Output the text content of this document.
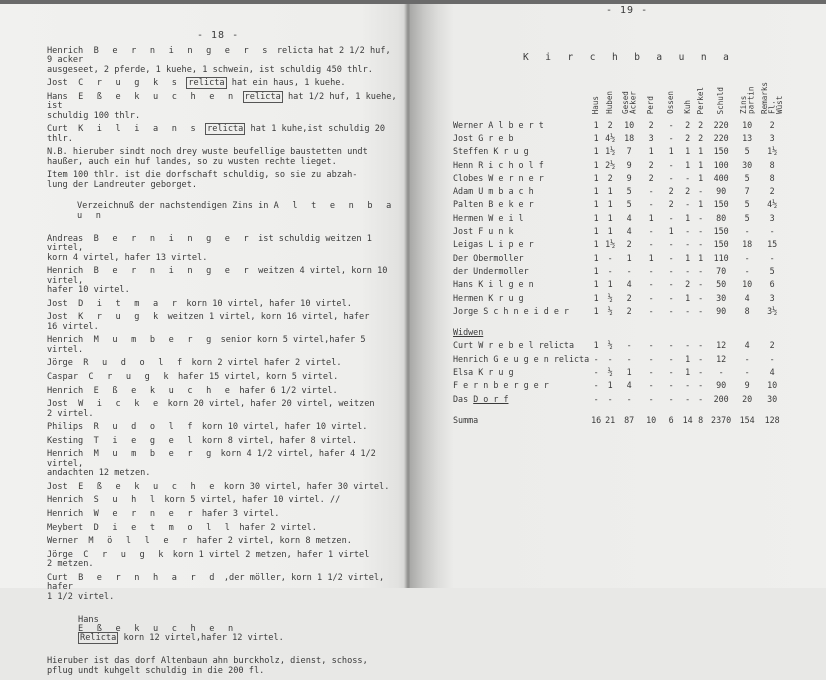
- 18 -

Henrich B e r n i n g e r s relicta hat 2 1/2 huf, 9 acker
ausgeseet, 2 pferde, 1 kuehe, 1 schwein, ist schuldig 450 thlr.

Jost C r u g k s relicta hat ein haus, 1 kuehe.

Hans E ß e k u c h e n relicta hat 1/2 huf, 1 kuehe, ist
schuldig 100 thlr.

Curt K i l i a n s relicta hat 1 kuhe,ist schuldig 20 thlr.

N.B. hieruber sindt noch drey wuste beufellige baustetten undt
haußer, auch ein huf landes, so zu wusten rechte lieget.

Item 100 thlr. ist die dorfschaft schuldig, so sie zu abzah-
lung der Landreuter geborget.

Verzeichnuß der nachstendigen Zins in A l t e n b a u n

Andreas B e r n i n g e r ist schuldig weitzen 1 virtel,
korn 4 virtel, hafer 13 virtel.

Henrich B e r n i n g e r weitzen 4 virtel, korn 10 virtel,
hafer 10 virtel.

Jost D i t m a r korn 10 virtel, hafer 10 virtel.

Jost K r u g k weitzen 1 virtel, korn 16 virtel, hafer
16 virtel.

Henrich M u m b e r g senior korn 5 virtel,hafer 5 virtel.

Jörge R u d o l f korn 2 virtel hafer 2 virtel.

Caspar C r u g k hafer 15 virtel, korn 5 virtel.

Henrich E ß e k u c h e hafer 6 1/2 virtel.

Jost W i c k e korn 20 virtel, hafer 20 virtel, weitzen
2 virtel.

Philips R u d o l f korn 10 virtel, hafer 10 virtel.

Kesting T i e g e l korn 8 virtel, hafer 8 virtel.

Henrich M u m b e r g korn 4 1/2 virtel, hafer 4 1/2 virtel,
andachten 12 metzen.

Jost E ß e k u c h e korn 30 virtel, hafer 30 virtel.

Henrich S u h l korn 5 virtel, hafer 10 virtel. //

Henrich W e r n e r hafer 3 virtel.

Meybert D i e t m o l l hafer 2 virtel.

Werner M ö l l e r hafer 2 virtel, korn 8 metzen.

Jörge C r u g k korn 1 virtel 2 metzen, hafer 1 virtel
2 metzen.

Curt B e r n h a r d ,der möller, korn 1 1/2 virtel, hafer
1 1/2 virtel.

Hans
E ß e k u c h e n
Relicta korn 12 virtel,hafer 12 virtel.

Hieruber ist das dorf Altenbaun ahn burckholz, dienst, schoss,
pflug undt kuhgelt schuldig in die 200 fl.

- 19 -
K i r c h b a u n a
	Haus	Huben	Gesed Acker	Perd	Ossen	Kuh	Perkel	Schuld	Zins partin	Remarks Fl. Wüst
Werner A l b e r t	1	2	10	2	-	2	2	220	10	2
Jost G r e b	1	4½	18	3	-	2	2	220	13	3
Steffen K r u g	1	1½	7	1	1	1	1	150	5	1½
Henn R i c h o l f	1	2½	9	2	-	1	1	100	30	8
Clobes W e r n e r	1	2	9	2	-	-	1	400	5	8
Adam U m b a c h	1	1	5	-	2	2	-	90	7	2
Palten B e k e r	1	1	5	-	2	-	1	150	5	4½
Hermen W e i l	1	1	4	1	-	1	-	80	5	3
Jost F u n k	1	1	4	-	1	-	-	150	-	-
Leigas L i p e r	1	1½	2	-	-	-	-	150	18	15
Der Obermoller	1	-	1	1	-	1	1	110	-	-
der Undermoller	1	-	-	-	-	-	-	70	-	5
Hans K i l g e n	1	1	4	-	-	2	-	50	10	6
Hermen K r u g	1	½	2	-	-	1	-	30	4	3
Jorge S c h n e i d e r	1	½	2	-	-	-	-	90	8	3½

Widwen
Curt W r e b e l relicta	1	½	-	-	-	-	-	12	4	2
Henrich G e u g e n relicta	-	-	-	-	-	1	-	12	-	-
Elsa K r u g	-	½	1	-	-	1	-	-	-	4
F e r n b e r g e r	-	1	4	-	-	-	-	90	9	10
Das D o r f	-	-	-	-	-	-	-	200	20	30

Summa	16	21	87	10	6	14	8	2370	154	128
